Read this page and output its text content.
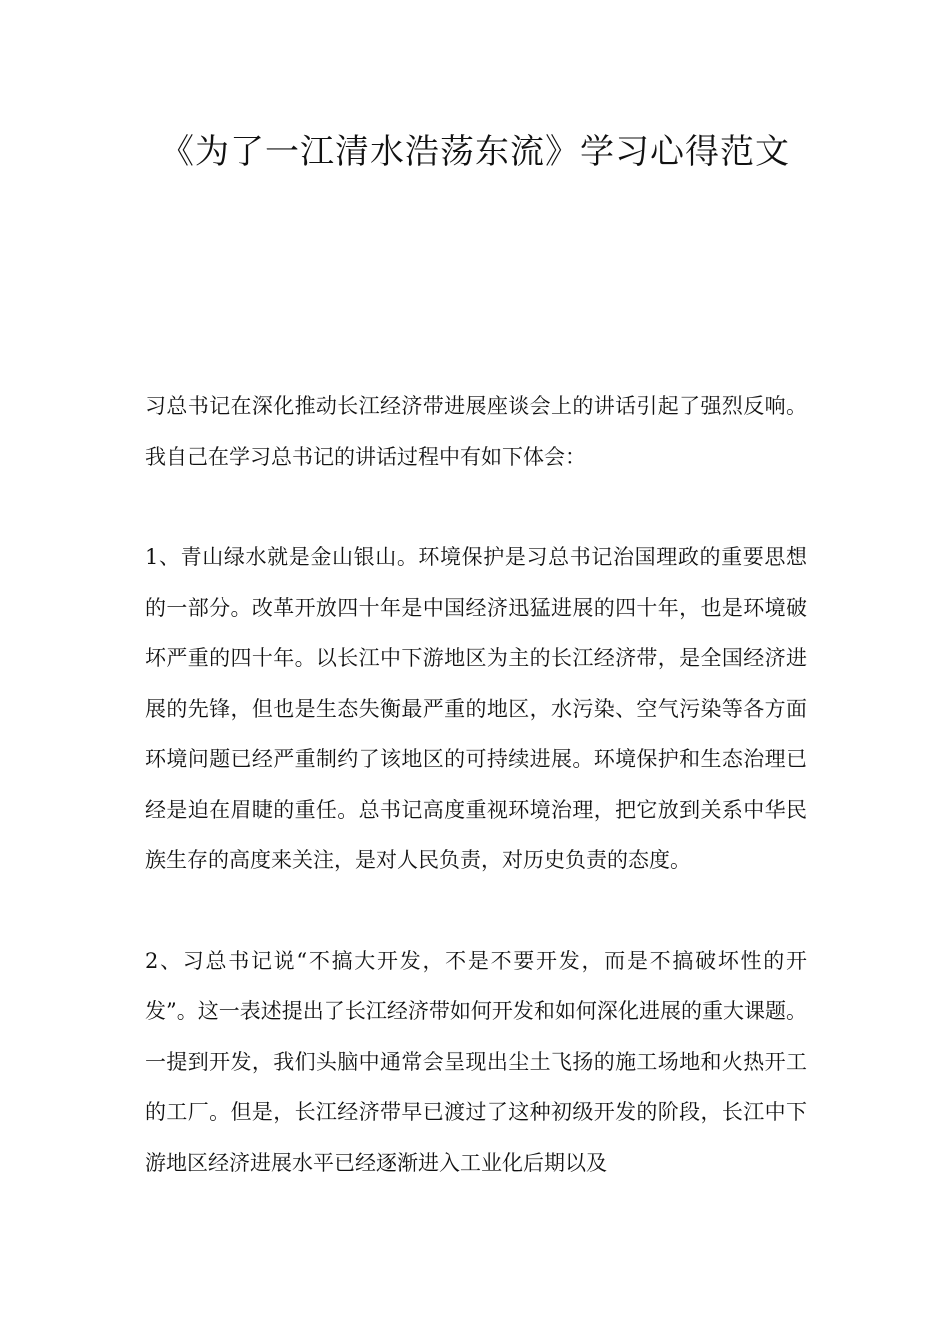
《为了一江清水浩荡东流》学习心得范文

习总书记在深化推动长江经济带进展座谈会上的讲话引起了强烈反响。我自己在学习总书记的讲话过程中有如下体会：

1、青山绿水就是金山银山。环境保护是习总书记治国理政的重要思想的一部分。改革开放四十年是中国经济迅猛进展的四十年，也是环境破坏严重的四十年。以长江中下游地区为主的长江经济带，是全国经济进展的先锋，但也是生态失衡最严重的地区，水污染、空气污染等各方面环境问题已经严重制约了该地区的可持续进展。环境保护和生态治理已经是迫在眉睫的重任。总书记高度重视环境治理，把它放到关系中华民族生存的高度来关注，是对人民负责，对历史负责的态度。

2、习总书记说“不搞大开发，不是不要开发，而是不搞破坏性的开发”。这一表述提出了长江经济带如何开发和如何深化进展的重大课题。一提到开发，我们头脑中通常会呈现出尘土飞扬的施工场地和火热开工的工厂。但是，长江经济带早已渡过了这种初级开发的阶段，长江中下游地区经济进展水平已经逐渐进入工业化后期以及
